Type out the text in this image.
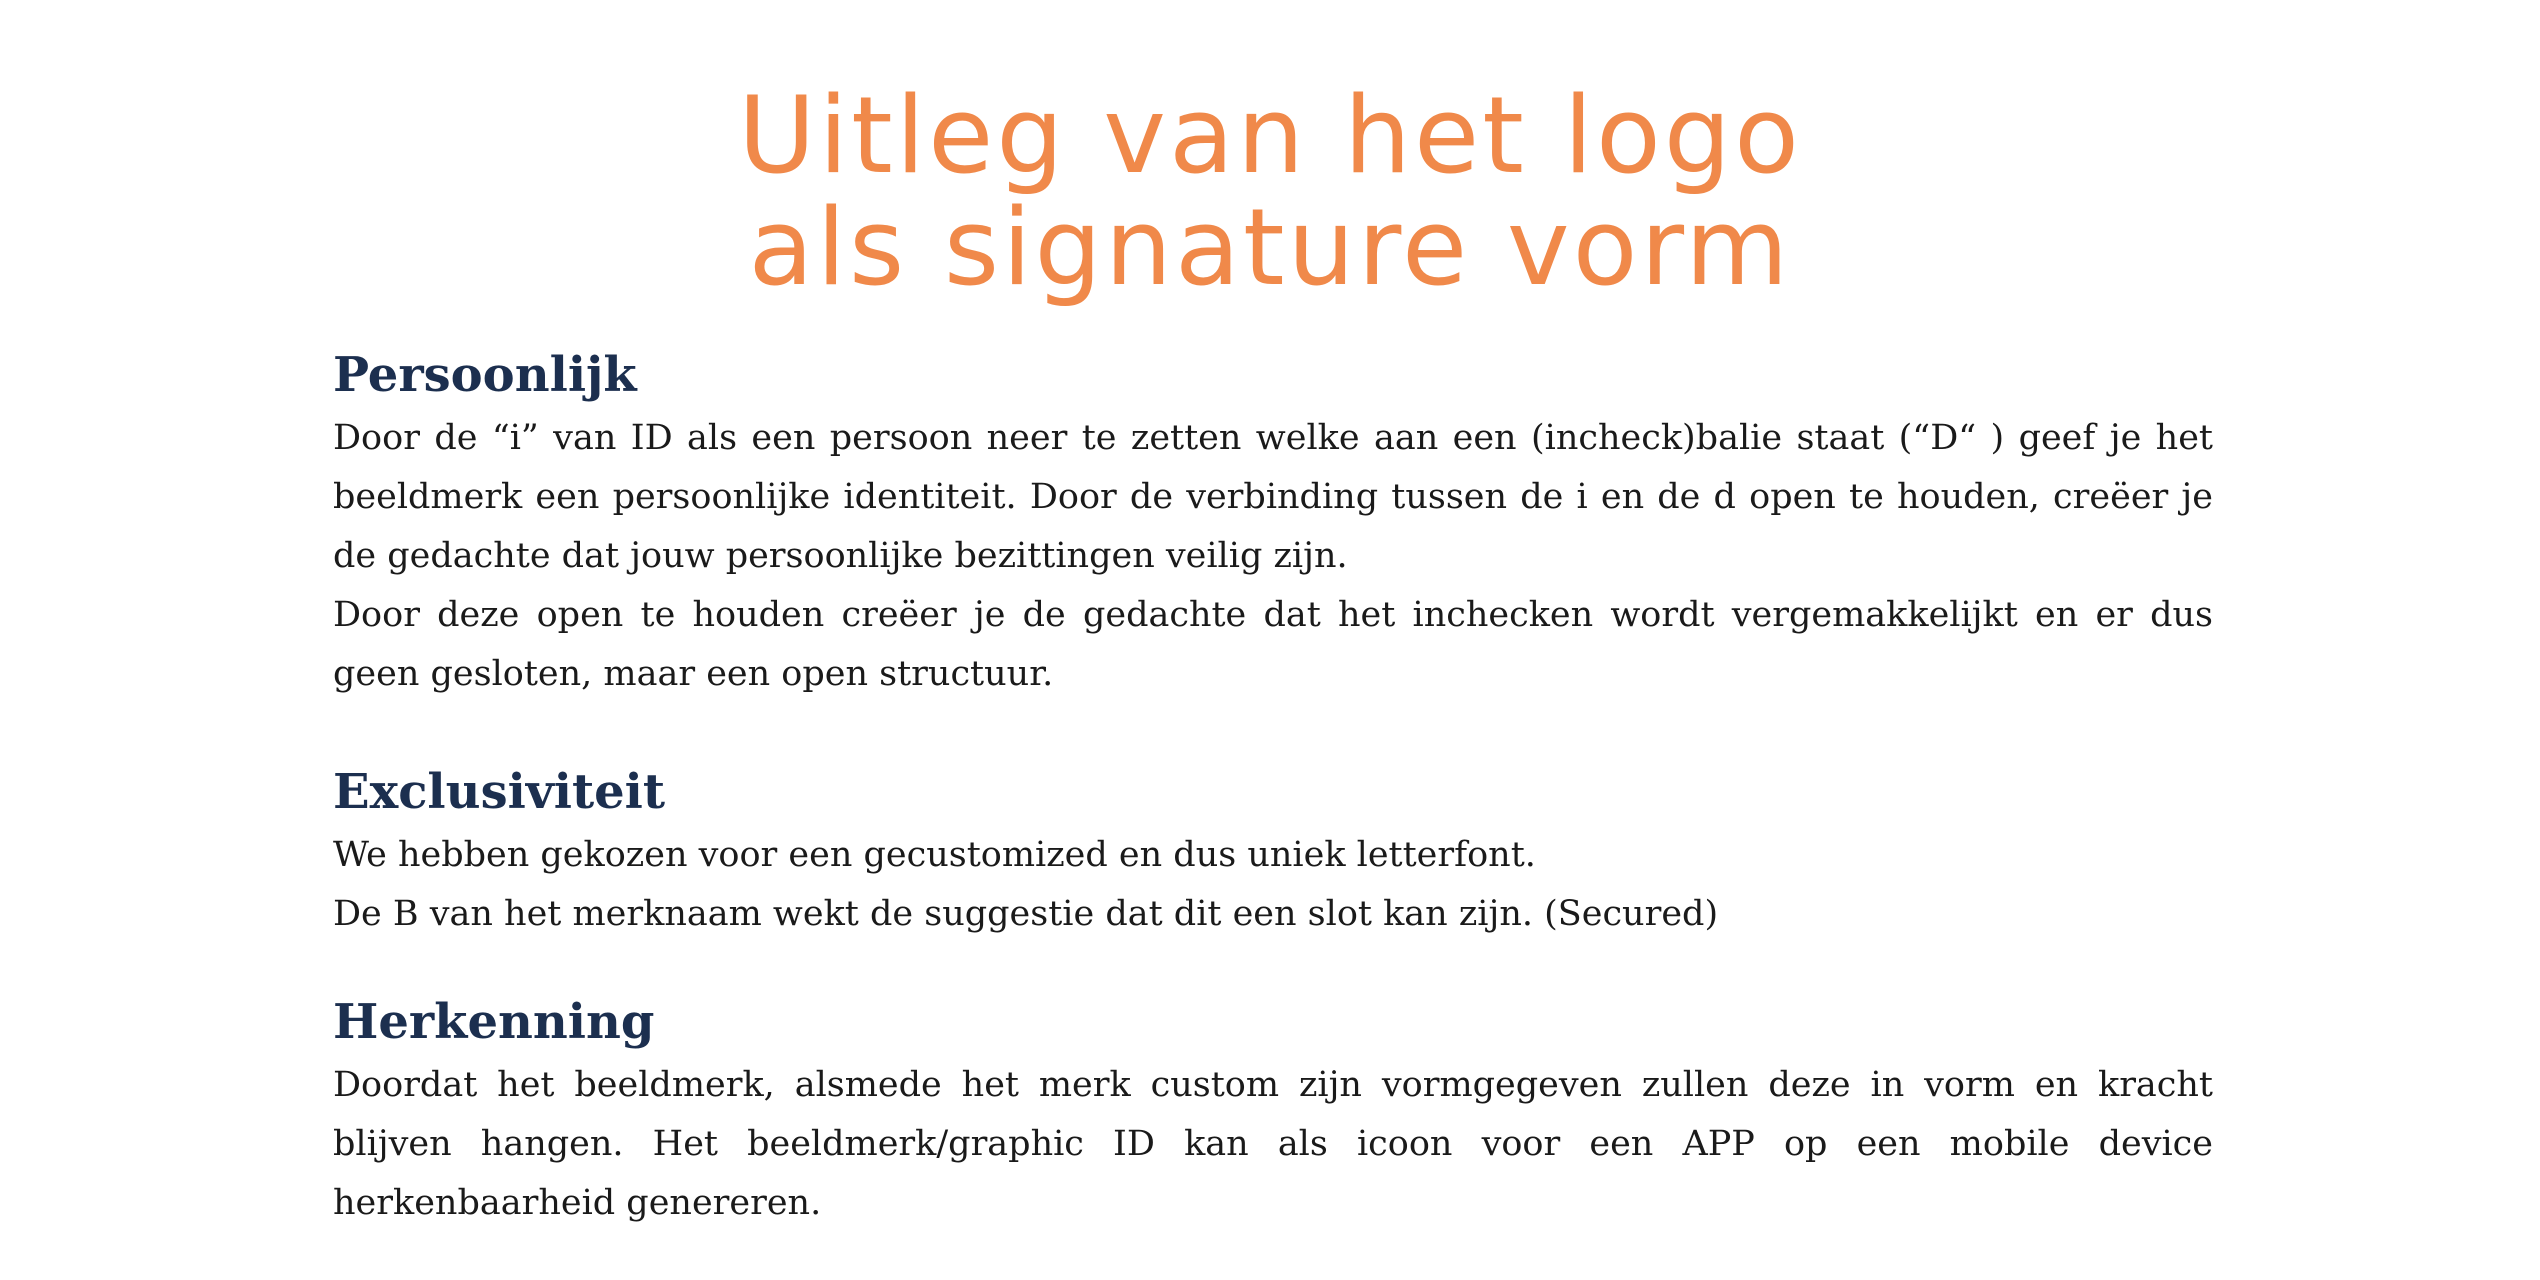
Uitleg van het logo
als signature vorm
Persoonlijk

Door de “i” van ID als een persoon neer te zetten welke aan een (incheck)balie staat (“D“ ) geef je het beeldmerk een persoonlijke identiteit. Door de verbinding tussen de i en de d open te houden, creëer je de gedachte dat jouw persoonlijke bezittingen veilig zijn.

Door deze open te houden creëer je de gedachte dat het inchecken wordt vergemakkelijkt en er dus geen gesloten, maar een open structuur.

Exclusiviteit

We hebben gekozen voor een gecustomized en dus uniek letterfont.

De B van het merknaam wekt de suggestie dat dit een slot kan zijn. (Secured)

Herkenning

Doordat het beeldmerk, alsmede het merk custom zijn vormgegeven zullen deze in vorm en kracht blijven hangen. Het beeldmerk/graphic ID kan als icoon voor een APP op een mobile device herkenbaarheid genereren.
